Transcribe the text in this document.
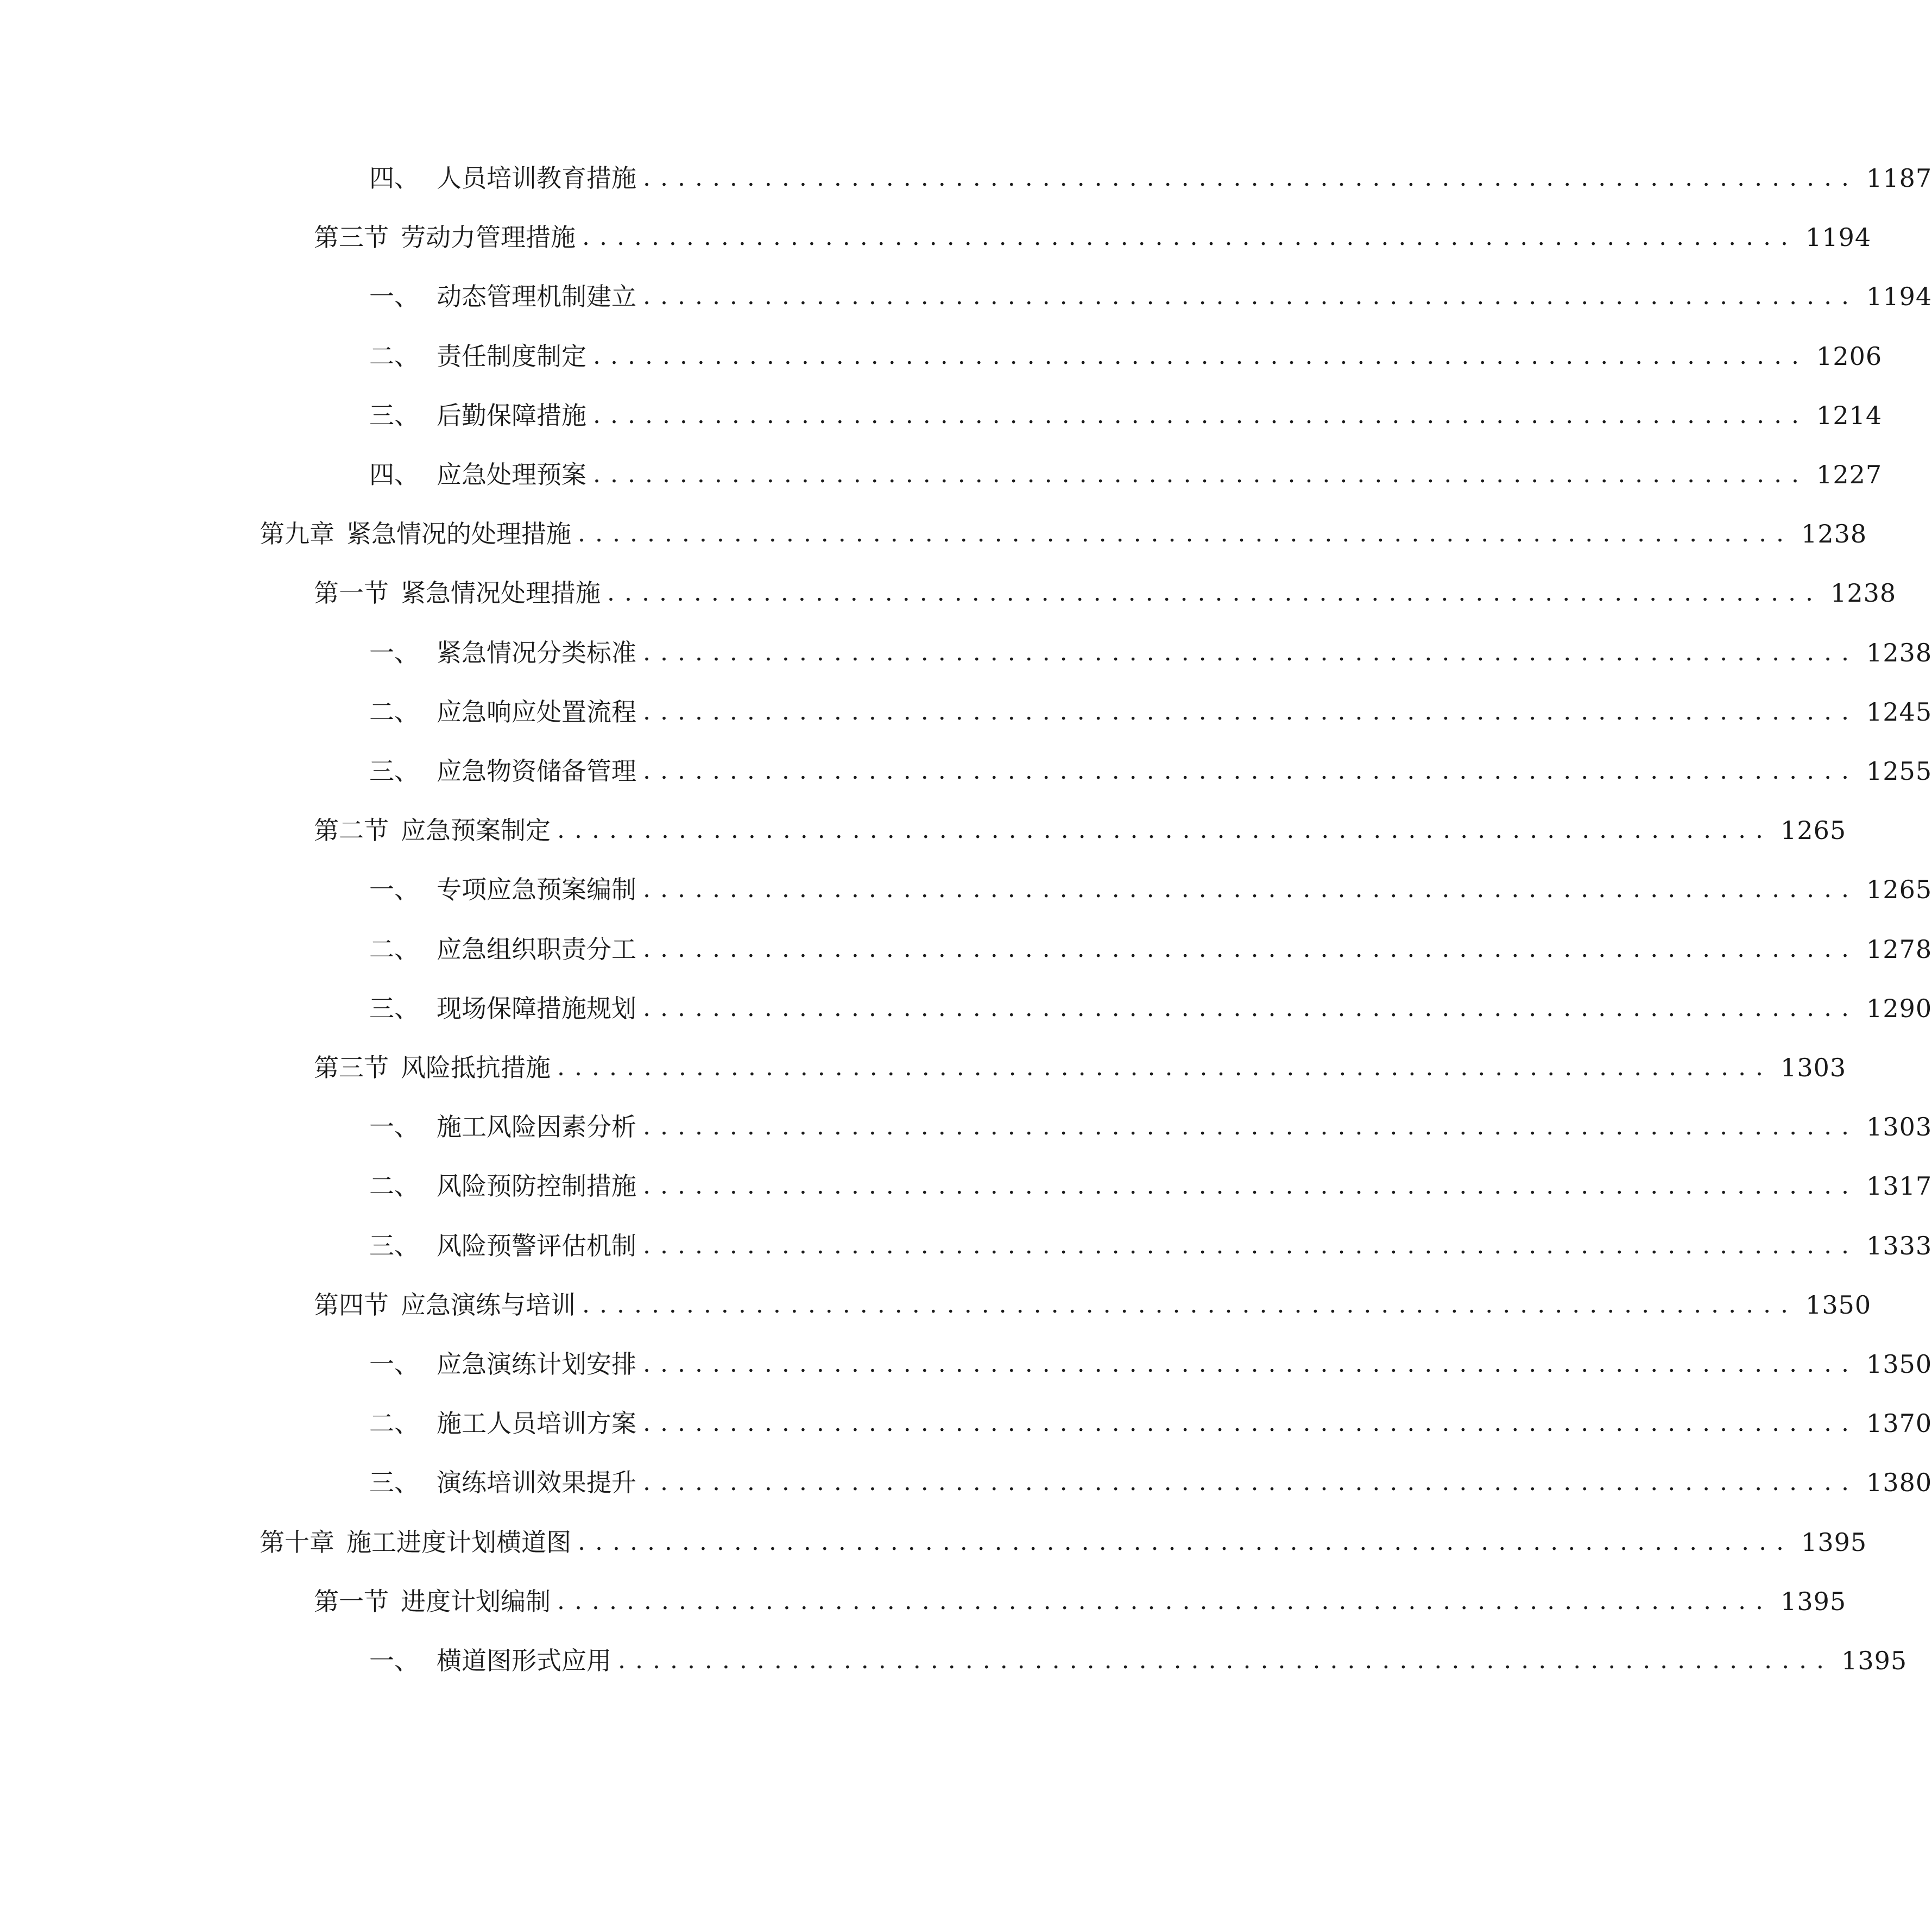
四、 人员培训教育措施 ...................................................................... 1187
第三节 劳动力管理措施 ...................................................................... 1194
一、 动态管理机制建立 ...................................................................... 1194
二、 责任制度制定 ...................................................................... 1206
三、 后勤保障措施 ...................................................................... 1214
四、 应急处理预案 ...................................................................... 1227
第九章 紧急情况的处理措施 ...................................................................... 1238
第一节 紧急情况处理措施 ...................................................................... 1238
一、 紧急情况分类标准 ...................................................................... 1238
二、 应急响应处置流程 ...................................................................... 1245
三、 应急物资储备管理 ...................................................................... 1255
第二节 应急预案制定 ...................................................................... 1265
一、 专项应急预案编制 ...................................................................... 1265
二、 应急组织职责分工 ...................................................................... 1278
三、 现场保障措施规划 ...................................................................... 1290
第三节 风险抵抗措施 ...................................................................... 1303
一、 施工风险因素分析 ...................................................................... 1303
二、 风险预防控制措施 ...................................................................... 1317
三、 风险预警评估机制 ...................................................................... 1333
第四节 应急演练与培训 ...................................................................... 1350
一、 应急演练计划安排 ...................................................................... 1350
二、 施工人员培训方案 ...................................................................... 1370
三、 演练培训效果提升 ...................................................................... 1380
第十章 施工进度计划横道图 ...................................................................... 1395
第一节 进度计划编制 ...................................................................... 1395
一、 横道图形式应用 ...................................................................... 1395
